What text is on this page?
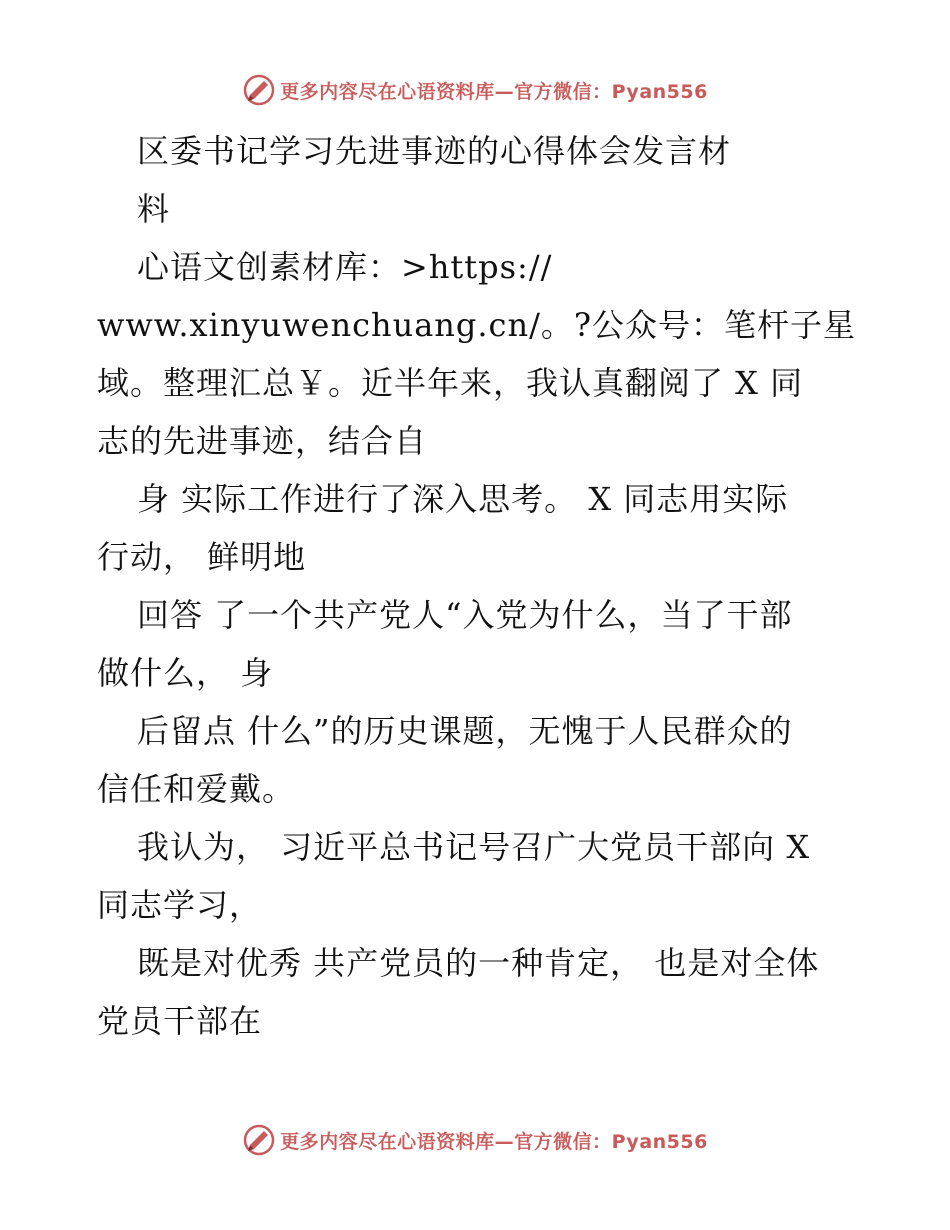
更多内容尽在心语资料库—官方微信：Pyan556
区委书记学习先进事迹的心得体会发言材
料
心语文创素材库：>https://
www.xinyuwenchuang.cn/。?公众号：笔杆子星
域。整理汇总￥。近半年来，我认真翻阅了 X 同
志的先进事迹，结合自
身 实际工作进行了深入思考。 X 同志用实际
行动， 鲜明地
回答 了一个共产党人“入党为什么，当了干部
做什么， 身
后留点 什么”的历史课题，无愧于人民群众的
信任和爱戴。
我认为， 习近平总书记号召广大党员干部向 X
同志学习，
既是对优秀 共产党员的一种肯定， 也是对全体
党员干部在
更多内容尽在心语资料库—官方微信：Pyan556
